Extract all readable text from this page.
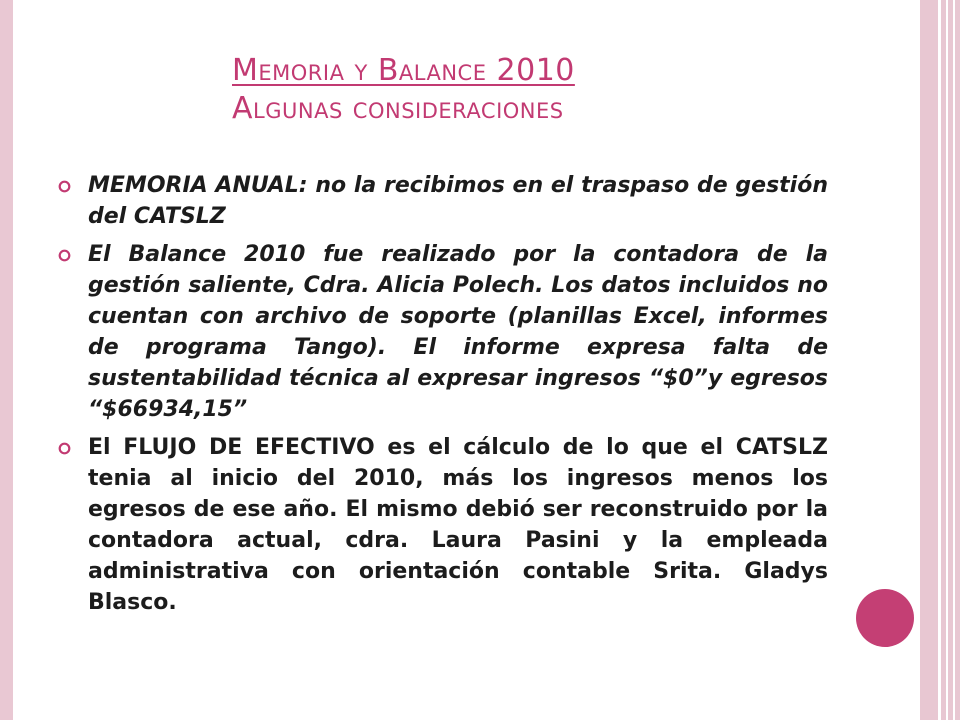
Memoria y Balance 2010
Algunas consideraciones
MEMORIA ANUAL: no la recibimos en el traspaso de gestión del CATSLZ
El Balance 2010 fue realizado por la contadora de la gestión saliente, Cdra. Alicia Polech. Los datos incluidos no cuentan con archivo de soporte (planillas Excel, informes de programa Tango). El informe expresa falta de sustentabilidad técnica al expresar ingresos “$0”y egresos “$66934,15”
El FLUJO DE EFECTIVO es el cálculo de lo que el CATSLZ tenia al inicio del 2010, más los ingresos menos los egresos de ese año. El mismo debió ser reconstruido por la contadora actual, cdra. Laura Pasini y la empleada administrativa con orientación contable Srita. Gladys Blasco.
